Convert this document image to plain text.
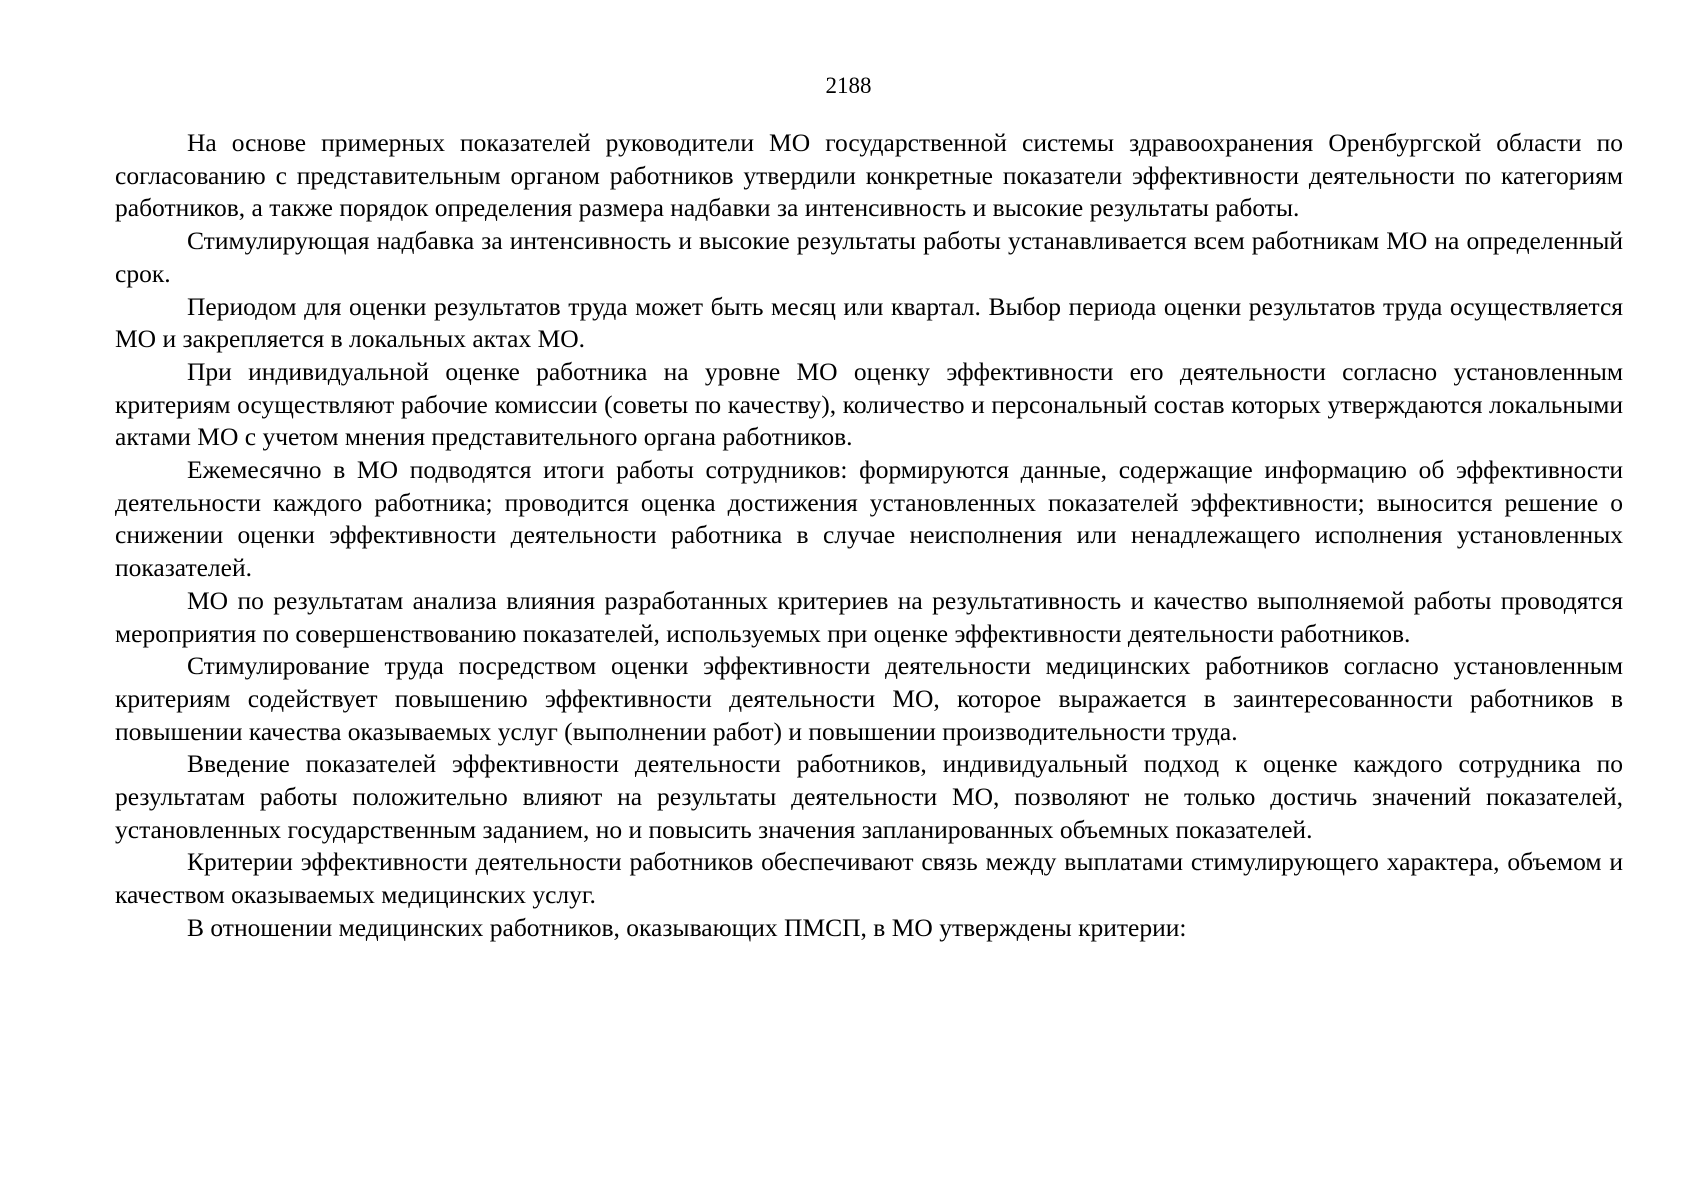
2188

На основе примерных показателей руководители МО государственной системы здравоохранения Оренбургской области по согласованию с представительным органом работников утвердили конкретные показатели эффективности деятельности по категориям работников, а также порядок определения размера надбавки за интенсивность и высокие результаты работы.

Стимулирующая надбавка за интенсивность и высокие результаты работы устанавливается всем работникам МО на определенный срок.

Периодом для оценки результатов труда может быть месяц или квартал. Выбор периода оценки результатов труда осуществляется МО и закрепляется в локальных актах МО.

При индивидуальной оценке работника на уровне МО оценку эффективности его деятельности согласно установленным критериям осуществляют рабочие комиссии (советы по качеству), количество и персональный состав которых утверждаются локальными актами МО с учетом мнения представительного органа работников.

Ежемесячно в МО подводятся итоги работы сотрудников: формируются данные, содержащие информацию об эффективности деятельности каждого работника; проводится оценка достижения установленных показателей эффективности; выносится решение о снижении оценки эффективности деятельности работника в случае неисполнения или ненадлежащего исполнения установленных показателей.

МО по результатам анализа влияния разработанных критериев на результативность и качество выполняемой работы проводятся мероприятия по совершенствованию показателей, используемых при оценке эффективности деятельности работников.

Стимулирование труда посредством оценки эффективности деятельности медицинских работников согласно установленным критериям содействует повышению эффективности деятельности МО, которое выражается в заинтересованности работников в повышении качества оказываемых услуг (выполнении работ) и повышении производительности труда.

Введение показателей эффективности деятельности работников, индивидуальный подход к оценке каждого сотрудника по результатам работы положительно влияют на результаты деятельности МО, позволяют не только достичь значений показателей, установленных государственным заданием, но и повысить значения запланированных объемных показателей.

Критерии эффективности деятельности работников обеспечивают связь между выплатами стимулирующего характера, объемом и качеством оказываемых медицинских услуг.

В отношении медицинских работников, оказывающих ПМСП, в МО утверждены критерии:
